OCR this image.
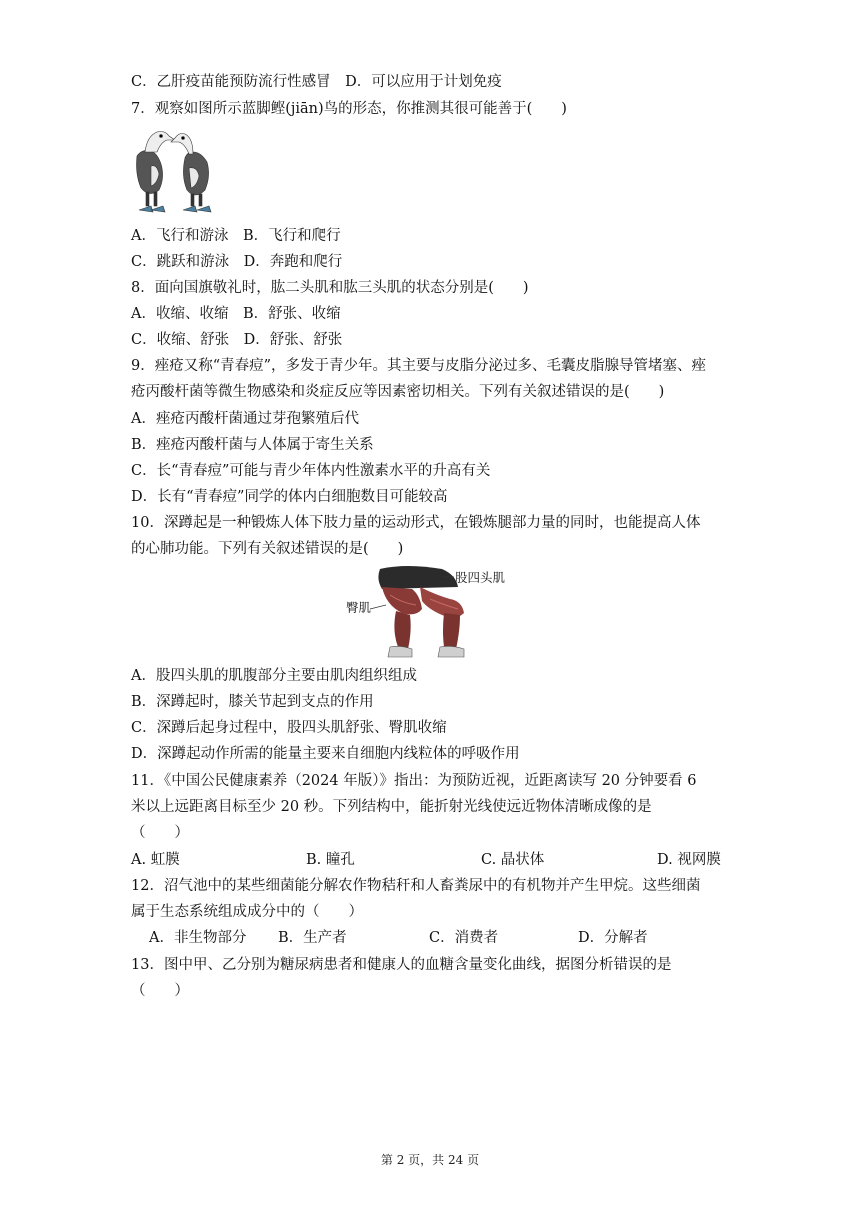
C．乙肝疫苗能预防流行性感冒　D．可以应用于计划免疫
7．观察如图所示蓝脚鲣(jiān)鸟的形态，你推测其很可能善于(　　)
A．飞行和游泳　B．飞行和爬行
C．跳跃和游泳　D．奔跑和爬行
8．面向国旗敬礼时，肱二头肌和肱三头肌的状态分别是(　　)
A．收缩、收缩　B．舒张、收缩
C．收缩、舒张　D．舒张、舒张
9．痤疮又称“青春痘”，多发于青少年。其主要与皮脂分泌过多、毛囊皮脂腺导管堵塞、痤
疮丙酸杆菌等微生物感染和炎症反应等因素密切相关。下列有关叙述错误的是(　　)
A．痤疮丙酸杆菌通过芽孢繁殖后代
B．痤疮丙酸杆菌与人体属于寄生关系
C．长“青春痘”可能与青少年体内性激素水平的升高有关
D．长有“青春痘”同学的体内白细胞数目可能较高
10．深蹲起是一种锻炼人体下肢力量的运动形式，在锻炼腿部力量的同时，也能提高人体
的心肺功能。下列有关叙述错误的是(　　)
股四头肌
臀肌
A．股四头肌的肌腹部分主要由肌肉组织组成
B．深蹲起时，膝关节起到支点的作用
C．深蹲后起身过程中，股四头肌舒张、臀肌收缩
D．深蹲起动作所需的能量主要来自细胞内线粒体的呼吸作用
11．《中国公民健康素养（2024 年版）》指出：为预防近视，近距离读写 20 分钟要看 6
米以上远距离目标至少 20 秒。下列结构中，能折射光线使远近物体清晰成像的是
（　　）
A. 虹膜	B. 瞳孔	C. 晶状体	D. 视网膜
12．沼气池中的某些细菌能分解农作物秸秆和人畜粪尿中的有机物并产生甲烷。这些细菌
属于生态系统组成成分中的（　　）
A．非生物部分 B．生产者	C．消费者	D．分解者
13．图中甲、乙分别为糖尿病患者和健康人的血糖含量变化曲线，据图分析错误的是
（　　）
第 2 页，共 24 页
